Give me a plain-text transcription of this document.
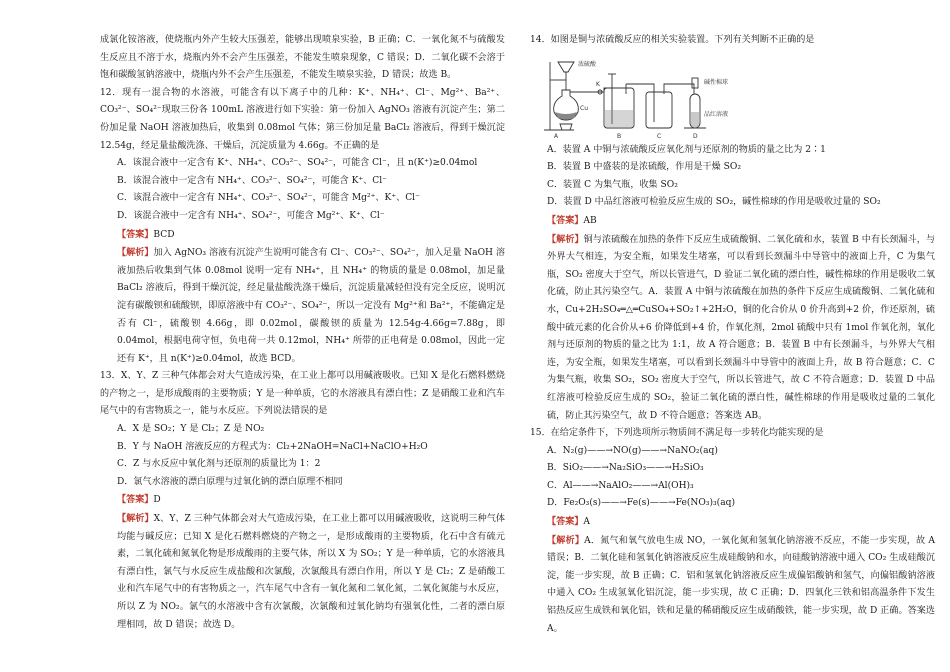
成氯化铵溶液，使烧瓶内外产生较大压强差，能够出现喷泉实验，B 正确；C．一氧化氮不与硫酸发生反应且不溶于水，烧瓶内外不会产生压强差，不能发生喷泉现象，C 错误；D．二氧化碳不会溶于饱和碳酸氢钠溶液中，烧瓶内外不会产生压强差，不能发生喷泉实验，D 错误；故选 B。

12．现有一混合物的水溶液，可能含有以下离子中的几种：K⁺、NH₄⁺、Cl⁻、Mg²⁺、Ba²⁺、CO₃²⁻、SO₄²⁻现取三份各 100mL 溶液进行如下实验：第一份加入 AgNO₃ 溶液有沉淀产生；第二份加足量 NaOH 溶液加热后，收集到 0.08mol 气体；第三份加足量 BaCl₂ 溶液后，得到干燥沉淀 12.54g，经足量盐酸洗涤、干燥后，沉淀质量为 4.66g。不正确的是

A．该混合液中一定含有 K⁺、NH₄⁺、CO₃²⁻、SO₄²⁻，可能含 Cl⁻，且 n(K⁺)≥0.04mol

B．该混合液中一定含有 NH₄⁺、CO₃²⁻、SO₄²⁻，可能含 K⁺、Cl⁻

C．该混合液中一定含有 NH₄⁺、CO₃²⁻、SO₄²⁻，可能含 Mg²⁺、K⁺、Cl⁻

D．该混合液中一定含有 NH₄⁺、SO₄²⁻，可能含 Mg²⁺、K⁺、Cl⁻

【答案】BCD

【解析】加入 AgNO₃ 溶液有沉淀产生说明可能含有 Cl⁻、CO₃²⁻、SO₄²⁻，加入足量 NaOH 溶液加热后收集到气体 0.08mol 说明一定有 NH₄⁺，且 NH₄⁺ 的物质的量是 0.08mol，加足量 BaCl₂ 溶液后，得到干燥沉淀，经足量盐酸洗涤干燥后，沉淀质量减轻但没有完全反应，说明沉淀有碳酸钡和硫酸钡，即原溶液中有 CO₃²⁻、SO₄²⁻，所以一定没有 Mg²⁺和 Ba²⁺，不能确定是否有 Cl⁻，硫酸钡 4.66g，即 0.02mol，碳酸钡的质量为 12.54g-4.66g=7.88g，即 0.04mol，根据电荷守恒，负电荷一共 0.12mol，NH₄⁺ 所带的正电荷是 0.08mol，因此一定还有 K⁺，且 n(K⁺)≥0.04mol，故选 BCD。

13．X、Y、Z 三种气体都会对大气造成污染，在工业上都可以用碱液吸收。已知 X 是化石燃料燃烧的产物之一，是形成酸雨的主要物质；Y 是一种单质，它的水溶液具有漂白性；Z 是硝酸工业和汽车尾气中的有害物质之一，能与水反应。下列说法错误的是

A．X 是 SO₂；Y 是 Cl₂；Z 是 NO₂

B．Y 与 NaOH 溶液反应的方程式为：Cl₂+2NaOH=NaCl+NaClO+H₂O

C．Z 与水反应中氧化剂与还原剂的质量比为 1：2

D．氯气水溶液的漂白原理与过氧化钠的漂白原理不相同

【答案】D

【解析】X、Y、Z 三种气体都会对大气造成污染，在工业上都可以用碱液吸收，这说明三种气体均能与碱反应；已知 X 是化石燃料燃烧的产物之一，是形成酸雨的主要物质，化石中含有硫元素，二氧化硫和氮氧化物是形成酸雨的主要气体，所以 X 为 SO₂；Y 是一种单质，它的水溶液具有漂白性，氯气与水反应生成盐酸和次氯酸，次氯酸具有漂白作用，所以 Y 是 Cl₂；Z 是硝酸工业和汽车尾气中的有害物质之一，汽车尾气中含有一氧化氮和二氧化氮，二氧化氮能与水反应，所以 Z 为 NO₂。氯气的水溶液中含有次氯酸，次氯酸和过氧化钠均有强氧化性，二者的漂白原理相同，故 D 错误；故选 D。

14．如图是铜与浓硫酸反应的相关实验装置。下列有关判断不正确的是

A	B	C	D
浓硫酸
Cu
K	碱性棉球
品红溶液

A．装置 A 中铜与浓硫酸反应氧化剂与还原剂的物质的量之比为 2∶1

B．装置 B 中盛装的是浓硫酸，作用是干燥 SO₂

C．装置 C 为集气瓶，收集 SO₂

D．装置 D 中品红溶液可检验反应生成的 SO₂，碱性棉球的作用是吸收过量的 SO₂

【答案】AB

【解析】铜与浓硫酸在加热的条件下反应生成硫酸铜、二氧化硫和水，装置 B 中有长颈漏斗，与外界大气相连，为安全瓶，如果发生堵塞，可以看到长颈漏斗中导管中的液面上升，C 为集气瓶，SO₂ 密度大于空气，所以长管进气，D 验证二氧化硫的漂白性，碱性棉球的作用是吸收二氧化硫，防止其污染空气。A．装置 A 中铜与浓硫酸在加热的条件下反应生成硫酸铜、二氧化硫和水，Cu+2H₂SO₄═△═CuSO₄+SO₂↑+2H₂O，铜的化合价从 0 价升高到+2 价，作还原剂，硫酸中硫元素的化合价从+6 价降低到+4 价，作氧化剂，2mol 硫酸中只有 1mol 作氧化剂，氧化剂与还原剂的物质的量之比为 1:1，故 A 符合题意；B．装置 B 中有长颈漏斗，与外界大气相连，为安全瓶，如果发生堵塞，可以看到长颈漏斗中导管中的液面上升，故 B 符合题意；C．C 为集气瓶，收集 SO₂，SO₂ 密度大于空气，所以长管进气，故 C 不符合题意；D．装置 D 中品红溶液可检验反应生成的 SO₂，验证二氧化硫的漂白性，碱性棉球的作用是吸收过量的二氧化硫，防止其污染空气，故 D 不符合题意；答案选 AB。

15．在给定条件下，下列选项所示物质间不满足每一步转化均能实现的是

A．N₂(g)——→NO(g)——→NaNO₂(aq)

B．SiO₂——→Na₂SiO₃——→H₂SiO₃

C．Al——→NaAlO₂——→Al(OH)₃

D．Fe₂O₃(s)——→Fe(s)——→Fe(NO₃)₃(aq)

【答案】A

【解析】A．氮气和氧气放电生成 NO，一氧化氮和氢氧化钠溶液不反应，不能一步实现，故 A 错误；B．二氧化硅和氢氧化钠溶液反应生成硅酸钠和水，向硅酸钠溶液中通入 CO₂ 生成硅酸沉淀，能一步实现，故 B 正确；C．铝和氢氧化钠溶液反应生成偏铝酸钠和氢气，向偏铝酸钠溶液中通入 CO₂ 生成氢氧化铝沉淀，能一步实现，故 C 正确；D．四氧化三铁和铝高温条件下发生铝热反应生成铁和氧化铝，铁和足量的稀硝酸反应生成硝酸铁，能一步实现，故 D 正确。答案选 A。
